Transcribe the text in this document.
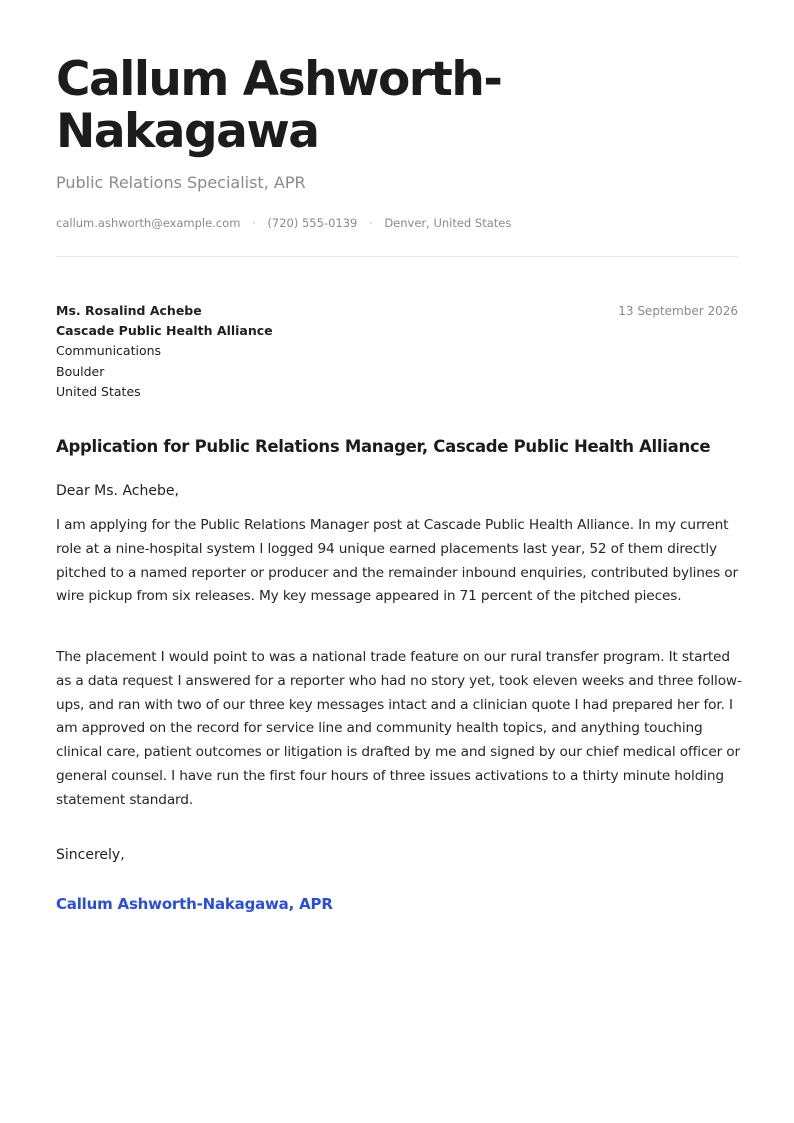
Callum Ashworth-
Nakagawa
Public Relations Specialist, APR
callum.ashworth@example.com · (720) 555-0139 · Denver, United States
Ms. Rosalind Achebe
Cascade Public Health Alliance
Communications
Boulder
United States
13 September 2026
Application for Public Relations Manager, Cascade Public Health Alliance
Dear Ms. Achebe,

I am applying for the Public Relations Manager post at Cascade Public Health Alliance. In my current role at a nine-hospital system I logged 94 unique earned placements last year, 52 of them directly pitched to a named reporter or producer and the remainder inbound enquiries, contributed bylines or wire pickup from six releases. My key message appeared in 71 percent of the pitched pieces.

The placement I would point to was a national trade feature on our rural transfer program. It started as a data request I answered for a reporter who had no story yet, took eleven weeks and three follow-ups, and ran with two of our three key messages intact and a clinician quote I had prepared her for. I am approved on the record for service line and community health topics, and anything touching clinical care, patient outcomes or litigation is drafted by me and signed by our chief medical officer or general counsel. I have run the first four hours of three issues activations to a thirty minute holding statement standard.

Sincerely,
Callum Ashworth-Nakagawa, APR
